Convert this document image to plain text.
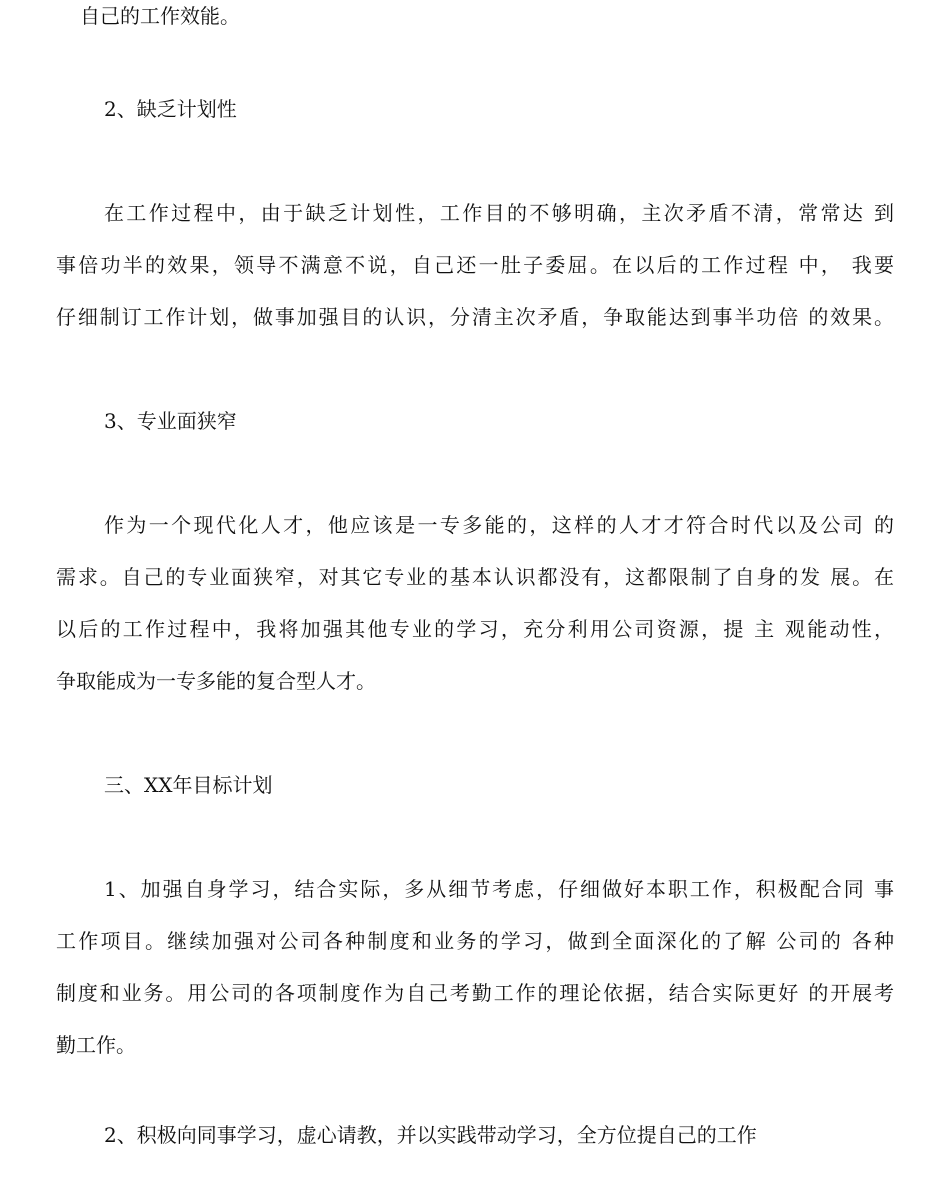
自己的工作效能。
2、缺乏计划性
在工作过程中，由于缺乏计划性，工作目的不够明确，主次矛盾不清，常常达 到
事倍功半的效果，领导不满意不说，自己还一肚子委屈。在以后的工作过程 中， 我要
仔细制订工作计划，做事加强目的认识，分清主次矛盾，争取能达到事半功倍 的效果。
3、专业面狭窄
作为一个现代化人才，他应该是一专多能的，这样的人才才符合时代以及公司 的
需求。自己的专业面狭窄，对其它专业的基本认识都没有，这都限制了自身的发 展。在
以后的工作过程中，我将加强其他专业的学习，充分利用公司资源，提 主 观能动性，
争取能成为一专多能的复合型人才。
三、XX年目标计划
1、加强自身学习，结合实际，多从细节考虑，仔细做好本职工作，积极配合同 事
工作项目。继续加强对公司各种制度和业务的学习，做到全面深化的了解 公司的 各种
制度和业务。用公司的各项制度作为自己考勤工作的理论依据，结合实际更好 的开展考
勤工作。
2、积极向同事学习，虚心请教，并以实践带动学习，全方位提自己的工作
